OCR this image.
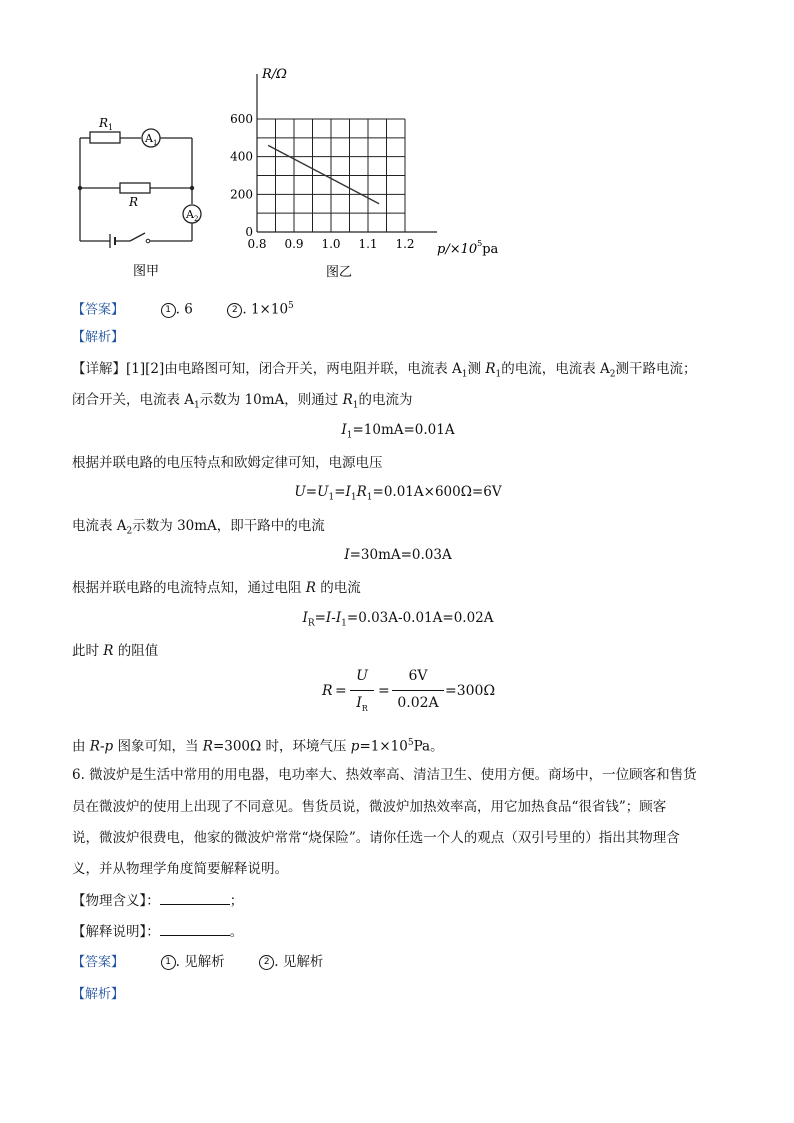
$R_1$
$A_1$
R
$A_2$
图甲
0.8 0.9 1.0 1.1 1.2
0
200
400
600
R/Ω
$p/\times 10^5pa$
图乙
【答案】	1 . 6	2 . $1\times 10^5$
【解析】
【详解】[1][2]由电路图可知，闭合开关，两电阻并联，电流表 $A_1$测 $R_1$的电流，电流表 $A_2$测干路电流；
闭合开关，电流表 $A_1$示数为 10mA，则通过 $R_1$的电流为
$I_1=10mA=0.01A$
根据并联电路的电压特点和欧姆定律可知，电源电压
$U=U_1=I_1R_1=0.01A\times 600\Omega=6V$
电流表 $A_2$示数为 30mA，即干路中的电流
I=30mA=0.03A
根据并联电路的电流特点知，通过电阻 R 的电流
$I_R=I-I_1=0.03A-0.01A=0.02A$
此时 R 的阻值
R =
U
$I_R$
=
6V
0.02A
=300Ω
由 R-p 图象可知，当 R=300Ω 时，环境气压 $p=1\times 10^5Pa$。
6. 微波炉是生活中常用的用电器，电功率大、热效率高、清洁卫生、使用方便。商场中，一位顾客和售货
员在微波炉的使用上出现了不同意见。售货员说，微波炉加热效率高，用它加热食品“很省钱”；顾客
说，微波炉很费电，他家的微波炉常常“烧保险”。请你任选一个人的观点（双引号里的）指出其物理含
义，并从物理学角度简要解释说明。
【物理含义】：	；
【解释说明】：	。
【答案】	1 . 见解析	2 . 见解析
【解析】
